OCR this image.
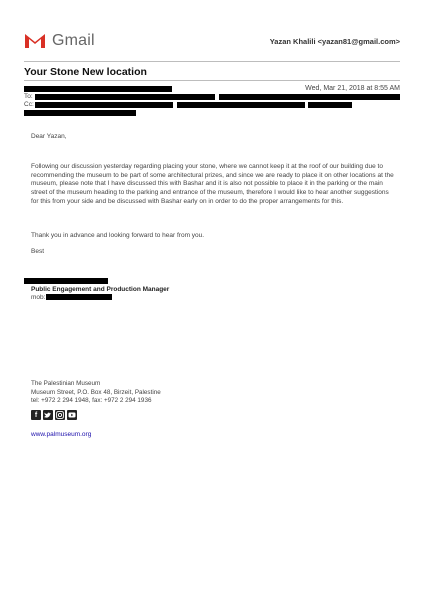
Gmail	Yazan Khalili <yazan81@gmail.com>
Your Stone New location
Wed, Mar 21, 2018 at 8:55 AM
To:
Cc:
Dear Yazan,
Following our discussion yesterday regarding placing your stone, where we cannot keep it at the roof of our building due to recommending the museum to be part of some architectural prizes, and since we are ready to place it on other locations at the museum, please note that I have discussed this with Bashar and it is also not possible to place it in the parking or the main street of the museum heading to the parking and entrance of the museum, therefore I would like to hear another suggestions for this from your side and be discussed with Bashar early on in order to do the proper arrangements for this.
Thank you in advance and looking forward to hear from you.
Best
Public Engagement and Production Manager
mob:
The Palestinian Museum
Museum Street, P.O. Box 48, Birzeit, Palestine
tel: +972 2 294 1948, fax: +972 2 294 1936
f
www.palmuseum.org
